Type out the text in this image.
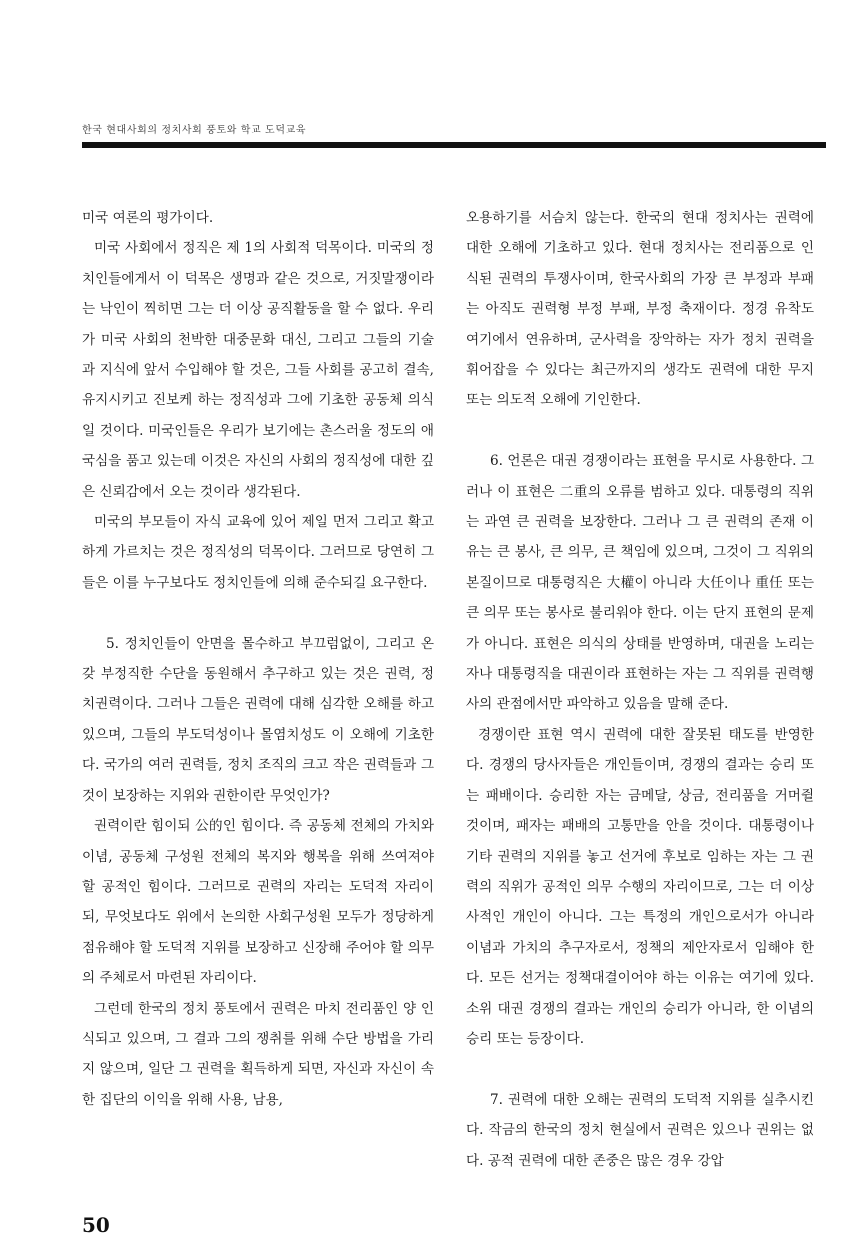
한국 현대사회의 정치사회 풍토와 학교 도덕교육

미국 여론의 평가이다.

미국 사회에서 정직은 제 1의 사회적 덕목이다. 미국의 정치인들에게서 이 덕목은 생명과 같은 것으로, 거짓말쟁이라는 낙인이 찍히면 그는 더 이상 공직활동을 할 수 없다. 우리가 미국 사회의 천박한 대중문화 대신, 그리고 그들의 기술과 지식에 앞서 수입해야 할 것은, 그들 사회를 공고히 결속, 유지시키고 진보케 하는 정직성과 그에 기초한 공동체 의식일 것이다. 미국인들은 우리가 보기에는 촌스러울 정도의 애국심을 품고 있는데 이것은 자신의 사회의 정직성에 대한 깊은 신뢰감에서 오는 것이라 생각된다.

미국의 부모들이 자식 교육에 있어 제일 먼저 그리고 확고하게 가르치는 것은 정직성의 덕목이다. 그러므로 당연히 그들은 이를 누구보다도 정치인들에 의해 준수되길 요구한다.

5. 정치인들이 안면을 몰수하고 부끄럼없이, 그리고 온갖 부정직한 수단을 동원해서 추구하고 있는 것은 권력, 정치권력이다. 그러나 그들은 권력에 대해 심각한 오해를 하고 있으며, 그들의 부도덕성이나 몰염치성도 이 오해에 기초한다. 국가의 여러 권력들, 정치 조직의 크고 작은 권력들과 그것이 보장하는 지위와 권한이란 무엇인가?

권력이란 힘이되 公的인 힘이다. 즉 공동체 전체의 가치와 이념, 공동체 구성원 전체의 복지와 행복을 위해 쓰여져야 할 공적인 힘이다. 그러므로 권력의 자리는 도덕적 자리이되, 무엇보다도 위에서 논의한 사회구성원 모두가 정당하게 점유해야 할 도덕적 지위를 보장하고 신장해 주어야 할 의무의 주체로서 마련된 자리이다.

그런데 한국의 정치 풍토에서 권력은 마치 전리품인 양 인식되고 있으며, 그 결과 그의 쟁취를 위해 수단 방법을 가리지 않으며, 일단 그 권력을 획득하게 되면, 자신과 자신이 속한 집단의 이익을 위해 사용, 남용,

오용하기를 서슴치 않는다. 한국의 현대 정치사는 권력에 대한 오해에 기초하고 있다. 현대 정치사는 전리품으로 인식된 권력의 투쟁사이며, 한국사회의 가장 큰 부정과 부패는 아직도 권력형 부정 부패, 부정 축재이다. 정경 유착도 여기에서 연유하며, 군사력을 장악하는 자가 정치 권력을 휘어잡을 수 있다는 최근까지의 생각도 권력에 대한 무지 또는 의도적 오해에 기인한다.

6. 언론은 대권 경쟁이라는 표현을 무시로 사용한다. 그러나 이 표현은 二重의 오류를 범하고 있다. 대통령의 직위는 과연 큰 권력을 보장한다. 그러나 그 큰 권력의 존재 이유는 큰 봉사, 큰 의무, 큰 책임에 있으며, 그것이 그 직위의 본질이므로 대통령직은 大權이 아니라 大任이나 重任 또는 큰 의무 또는 봉사로 불리워야 한다. 이는 단지 표현의 문제가 아니다. 표현은 의식의 상태를 반영하며, 대권을 노리는 자나 대통령직을 대권이라 표현하는 자는 그 직위를 권력행사의 관점에서만 파악하고 있음을 말해 준다.

경쟁이란 표현 역시 권력에 대한 잘못된 태도를 반영한다. 경쟁의 당사자들은 개인들이며, 경쟁의 결과는 승리 또는 패배이다. 승리한 자는 금메달, 상금, 전리품을 거머쥘 것이며, 패자는 패배의 고통만을 안을 것이다. 대통령이나 기타 권력의 지위를 놓고 선거에 후보로 임하는 자는 그 권력의 직위가 공적인 의무 수행의 자리이므로, 그는 더 이상 사적인 개인이 아니다. 그는 특정의 개인으로서가 아니라 이념과 가치의 추구자로서, 정책의 제안자로서 임해야 한다. 모든 선거는 정책대결이어야 하는 이유는 여기에 있다. 소위 대권 경쟁의 결과는 개인의 승리가 아니라, 한 이념의 승리 또는 등장이다.

7. 권력에 대한 오해는 권력의 도덕적 지위를 실추시킨다. 작금의 한국의 정치 현실에서 권력은 있으나 권위는 없다. 공적 권력에 대한 존중은 많은 경우 강압

50
